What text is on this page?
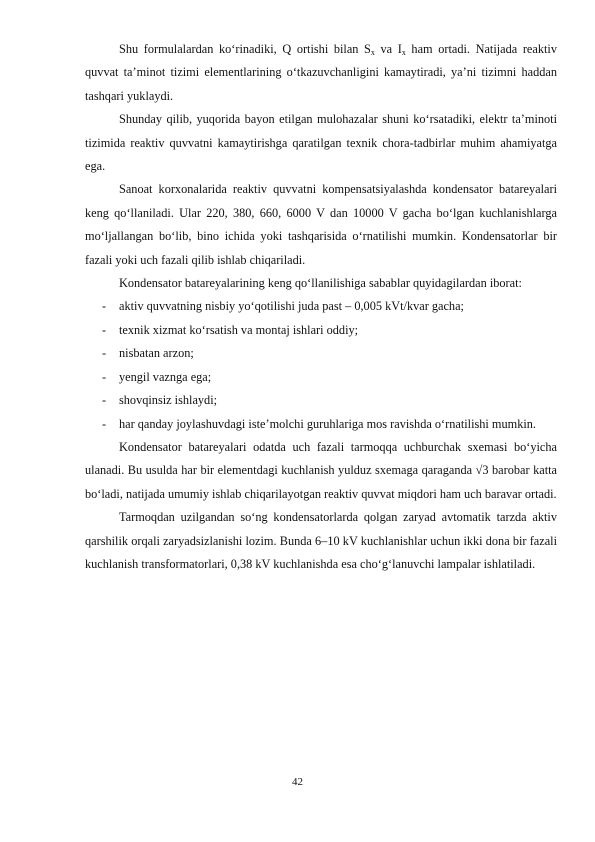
Shu formulalardan ko‘rinadiki, Q ortishi bilan $S_x$ va $I_x$ ham ortadi. Natijada reaktiv quvvat ta’minot tizimi elementlarining o‘tkazuvchanligini kamaytiradi, ya’ni tizimni haddan tashqari yuklaydi.

Shunday qilib, yuqorida bayon etilgan mulohazalar shuni ko‘rsatadiki, elektr ta’minoti tizimida reaktiv quvvatni kamaytirishga qaratilgan texnik chora-tadbirlar muhim ahamiyatga ega.

Sanoat korxonalarida reaktiv quvvatni kompensatsiyalashda kondensator batareyalari keng qo‘llaniladi. Ular 220, 380, 660, 6000 V dan 10000 V gacha bo‘lgan kuchlanishlarga mo‘ljallangan bo‘lib, bino ichida yoki tashqarisida o‘rnatilishi mumkin. Kondensatorlar bir fazali yoki uch fazali qilib ishlab chiqariladi.

Kondensator batareyalarining keng qo‘llanilishiga sabablar quyidagilardan iborat:

- aktiv quvvatning nisbiy yo‘qotilishi juda past – 0,005 kVt/kvar gacha;
- texnik xizmat ko‘rsatish va montaj ishlari oddiy;
- nisbatan arzon;
- yengil vaznga ega;
- shovqinsiz ishlaydi;
- har qanday joylashuvdagi iste’molchi guruhlariga mos ravishda o‘rnatilishi mumkin.

Kondensator batareyalari odatda uch fazali tarmoqqa uchburchak sxemasi bo‘yicha ulanadi. Bu usulda har bir elementdagi kuchlanish yulduz sxemaga qaraganda √3 barobar katta bo‘ladi, natijada umumiy ishlab chiqarilayotgan reaktiv quvvat miqdori ham uch baravar ortadi.

Tarmoqdan uzilgandan so‘ng kondensatorlarda qolgan zaryad avtomatik tarzda aktiv qarshilik orqali zaryadsizlanishi lozim. Bunda 6–10 kV kuchlanishlar uchun ikki dona bir fazali kuchlanish transformatorlari, 0,38 kV kuchlanishda esa cho‘g‘lanuvchi lampalar ishlatiladi.

42
